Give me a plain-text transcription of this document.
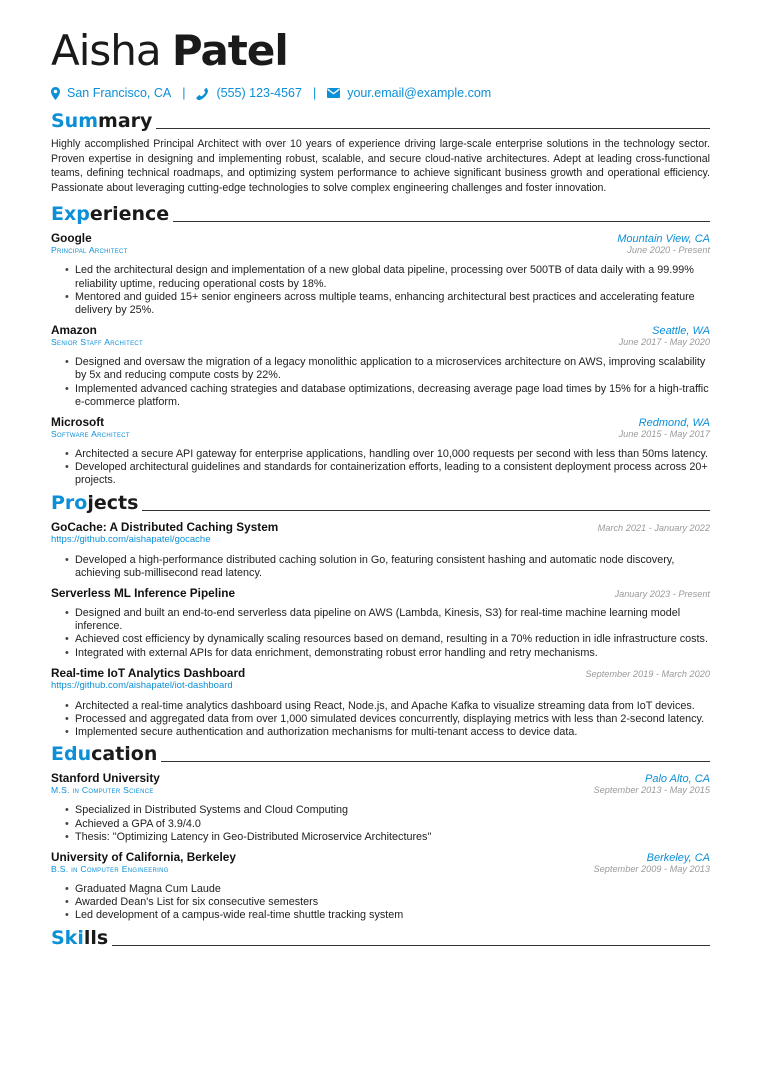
Aisha Patel
San Francisco, CA | (555) 123-4567 | your.email@example.com
Summary
Highly accomplished Principal Architect with over 10 years of experience driving large-scale enterprise solutions in the technology sector. Proven expertise in designing and implementing robust, scalable, and secure cloud-native architectures. Adept at leading cross-functional teams, defining technical roadmaps, and optimizing system performance to achieve significant business growth and operational efficiency. Passionate about leveraging cutting-edge technologies to solve complex engineering challenges and foster innovation.
Experience
Google	Mountain View, CA
Principal Architect	June 2020 - Present
• Led the architectural design and implementation of a new global data pipeline, processing over 500TB of data daily with a 99.99% reliability uptime, reducing operational costs by 18%.
• Mentored and guided 15+ senior engineers across multiple teams, enhancing architectural best practices and accelerating feature delivery by 25%.
Amazon	Seattle, WA
Senior Staff Architect	June 2017 - May 2020
• Designed and oversaw the migration of a legacy monolithic application to a microservices architecture on AWS, improving scalability by 5x and reducing compute costs by 22%.
• Implemented advanced caching strategies and database optimizations, decreasing average page load times by 15% for a high-traffic e-commerce platform.
Microsoft	Redmond, WA
Software Architect	June 2015 - May 2017
• Architected a secure API gateway for enterprise applications, handling over 10,000 requests per second with less than 50ms latency.
• Developed architectural guidelines and standards for containerization efforts, leading to a consistent deployment process across 20+ projects.
Projects
GoCache: A Distributed Caching System	March 2021 - January 2022
https://github.com/aishapatel/gocache
• Developed a high-performance distributed caching solution in Go, featuring consistent hashing and automatic node discovery, achieving sub-millisecond read latency.
Serverless ML Inference Pipeline	January 2023 - Present
• Designed and built an end-to-end serverless data pipeline on AWS (Lambda, Kinesis, S3) for real-time machine learning model inference.
• Achieved cost efficiency by dynamically scaling resources based on demand, resulting in a 70% reduction in idle infrastructure costs.
• Integrated with external APIs for data enrichment, demonstrating robust error handling and retry mechanisms.
Real-time IoT Analytics Dashboard	September 2019 - March 2020
https://github.com/aishapatel/iot-dashboard
• Architected a real-time analytics dashboard using React, Node.js, and Apache Kafka to visualize streaming data from IoT devices.
• Processed and aggregated data from over 1,000 simulated devices concurrently, displaying metrics with less than 2-second latency.
• Implemented secure authentication and authorization mechanisms for multi-tenant access to device data.
Education
Stanford University	Palo Alto, CA
M.S. in Computer Science	September 2013 - May 2015
• Specialized in Distributed Systems and Cloud Computing
• Achieved a GPA of 3.9/4.0
• Thesis: "Optimizing Latency in Geo-Distributed Microservice Architectures"
University of California, Berkeley	Berkeley, CA
B.S. in Computer Engineering	September 2009 - May 2013
• Graduated Magna Cum Laude
• Awarded Dean's List for six consecutive semesters
• Led development of a campus-wide real-time shuttle tracking system
Skills
